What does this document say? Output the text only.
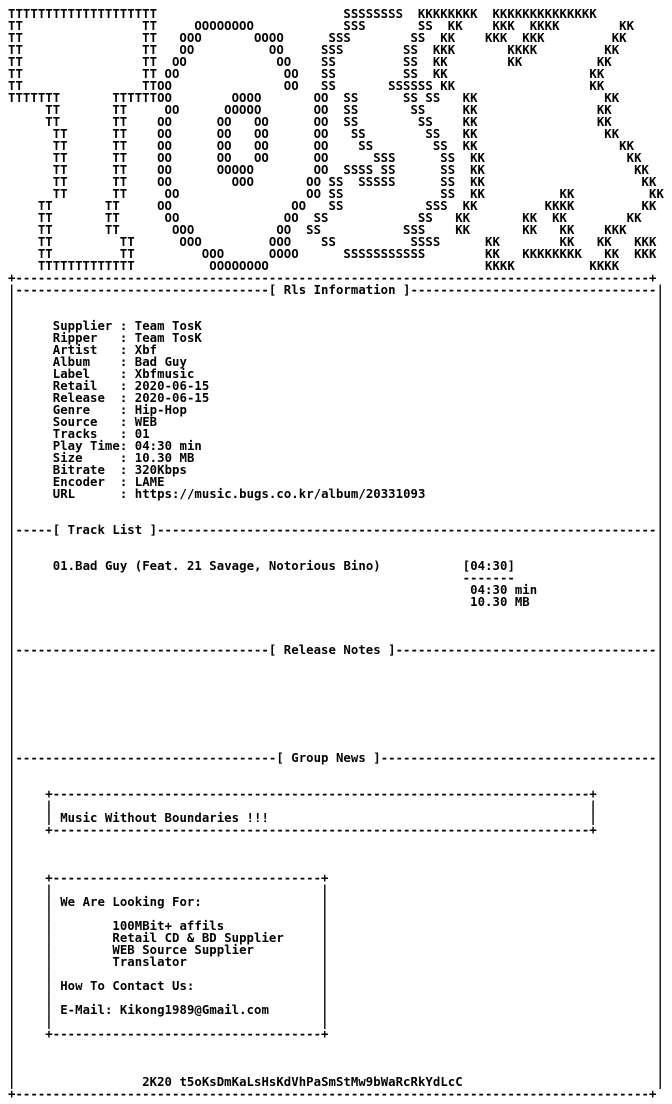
TTTTTTTTTTTTTTTTTTTT                         SSSSSSSS  KKKKKKKK  KKKKKKKKKKKKKK
TT                TT     OOOOOOOO            SSS       SS  KK    KKK  KKKK        KK
TT                TT   OOO       OOOO      SSS        SS  KK    KKK  KKK         KK
TT                TT   OO          OO     SSS        SS  KKK       KKKK         KK
TT                TT  OO            OO    SS         SS  KK        KK          KK
TT                TT OO              OO   SS         SS  KK                   KK
TT                TTOO               OO   SS       SSSSSS KK                  KK
TTTTTTT       TTTTTTOO        OOOO       OO  SS      SS SS   KK                 KK
TT       TT     OO      OOOOO       OO  SS       SS     KK                KK
TT       TT    OO      OO   OO      OO  SS        SS    KK                KK
TT      TT    OO      OO   OO      OO   SS        SS   KK                 KK
TT      TT    OO      OO   OO      OO    SS        SS  KK                   KK
TT      TT    OO      OO   OO      OO      SSS      SS  KK                   KK
TT      TT    OO      OOOOO        OO  SSSS SS      SS  KK                    KK
TT      TT    OO        OOO       OO SS  SSSSS      SS  KK                     KK
TT      TT     OO                 OO SS             SS  KK          KK          KK
TT       TT     OO                OO   SS           SSS  KK         KKKK         KK
TT       TT      OO              OO  SS            SS   KK       KK  KK        KK
TT       TT       OOO           OO  SS           SSS    KK       KK   KK    KKK
TT         TT      OOO         OOO    SS          SSSS      KK        KK   KK   KKK
TT         TT         OOO      OOOO      SSSSSSSSSSS        KK   KKKKKKKK   KK  KKK
TTTTTTTTTTTTT          OOOOOOOO                             KKKK          KKKK
+-------------------------------------------------------------------------------------+
|----------------------------------[ Rls Information ]---------------------------------|
|	|
|	|
|	Supplier : Team TosK	|
|	Ripper   : Team TosK	|
|	Artist   : Xbf	|
|	Album    : Bad Guy	|
|	Label    : Xbfmusic	|
|	Retail   : 2020-06-15	|
|	Release  : 2020-06-15	|
|	Genre    : Hip-Hop	|
|	Source   : WEB	|
|	Tracks   : 01	|
|	Play Time: 04:30 min	|
|	Size     : 10.30 MB	|
|	Bitrate  : 320Kbps	|
|	Encoder  : LAME	|
|	URL      : https://music.bugs.co.kr/album/20331093	|
|	|
|	|
|-----[ Track List ]-------------------------------------------------------------------|
|	|
|	|
|	01.Bad Guy (Feat. 21 Savage, Notorious Bino)	[04:30]	|
|	-------	|
|	04:30 min	|
|	10.30 MB	|
|	|
|	|
|	|
|----------------------------------[ Release Notes ]-----------------------------------|
|	|
|	|
|	|
|	|
|	|
|	|
|	|
|	|
|-----------------------------------[ Group News ]-------------------------------------|
|	|
|	|
|    +------------------------------------------------------------------------+	|
|    |                                                                        |	|
|    | Music Without Boundaries !!!                                           |	|
|    +------------------------------------------------------------------------+	|
|	|
|	|
|	|
|    +------------------------------------+	|
|    |                                    |	|
|    | We Are Looking For:                |	|
|    |                                    |	|
|    |	100MBit+ affils             |	|
|    |	Retail CD & BD Supplier     |	|
|    |	WEB Source Supplier         |	|
|    |	Translator                  |	|
|    |                                    |	|
|    | How To Contact Us:                 |	|
|    |                                    |	|
|    | E-Mail: Kikong1989@Gmail.com       |	|
|    |                                    |	|
|    +------------------------------------+	|
|	|
|	|
|	|
|	2K20 t5oKsDmKaLsHsKdVhPaSmStMw9bWaRcRkYdLcC	|
+-------------------------------------------------------------------------------------+
